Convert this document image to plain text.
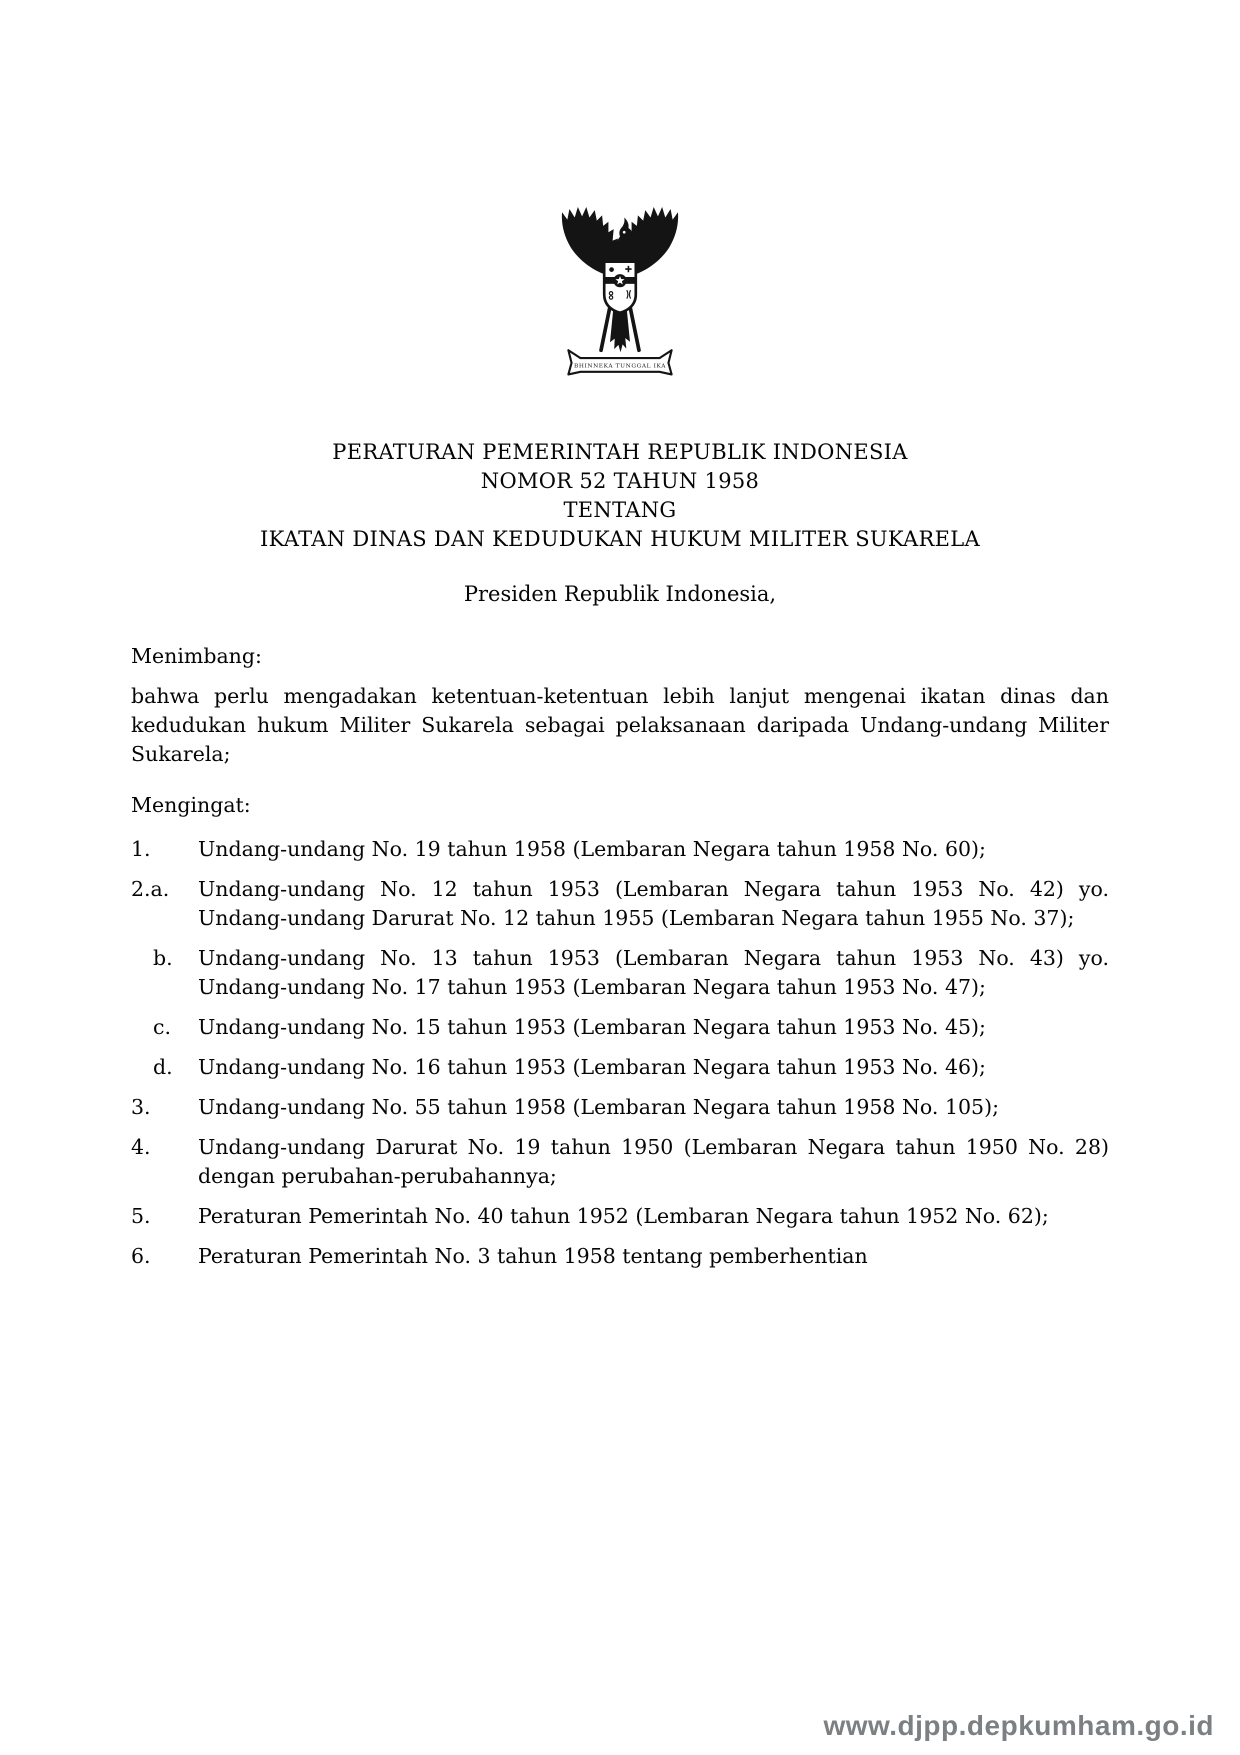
BHINNEKA TUNGGAL IKA
PERATURAN PEMERINTAH REPUBLIK INDONESIA
NOMOR 52 TAHUN 1958
TENTANG
IKATAN DINAS DAN KEDUDUKAN HUKUM MILITER SUKARELA
Presiden Republik Indonesia,
Menimbang:

bahwa perlu mengadakan ketentuan-ketentuan lebih lanjut mengenai ikatan dinas dan kedudukan hukum Militer Sukarela sebagai pelaksanaan daripada Undang-undang Militer Sukarela;

Mengingat:
1.	Undang-undang No. 19 tahun 1958 (Lembaran Negara tahun 1958 No. 60);
2.a.	Undang-undang No. 12 tahun 1953 (Lembaran Negara tahun 1953 No. 42) yo. Undang-undang Darurat No. 12 tahun 1955 (Lembaran Negara tahun 1955 No. 37);
b.	Undang-undang No. 13 tahun 1953 (Lembaran Negara tahun 1953 No. 43) yo. Undang-undang No. 17 tahun 1953 (Lembaran Negara tahun 1953 No. 47);
c.	Undang-undang No. 15 tahun 1953 (Lembaran Negara tahun 1953 No. 45);
d.	Undang-undang No. 16 tahun 1953 (Lembaran Negara tahun 1953 No. 46);
3.	Undang-undang No. 55 tahun 1958 (Lembaran Negara tahun 1958 No. 105);
4.	Undang-undang Darurat No. 19 tahun 1950 (Lembaran Negara tahun 1950 No. 28) dengan perubahan-perubahannya;
5.	Peraturan Pemerintah No. 40 tahun 1952 (Lembaran Negara tahun 1952 No. 62);
6.	Peraturan Pemerintah No. 3 tahun 1958 tentang pemberhentian
www.djpp.depkumham.go.id
